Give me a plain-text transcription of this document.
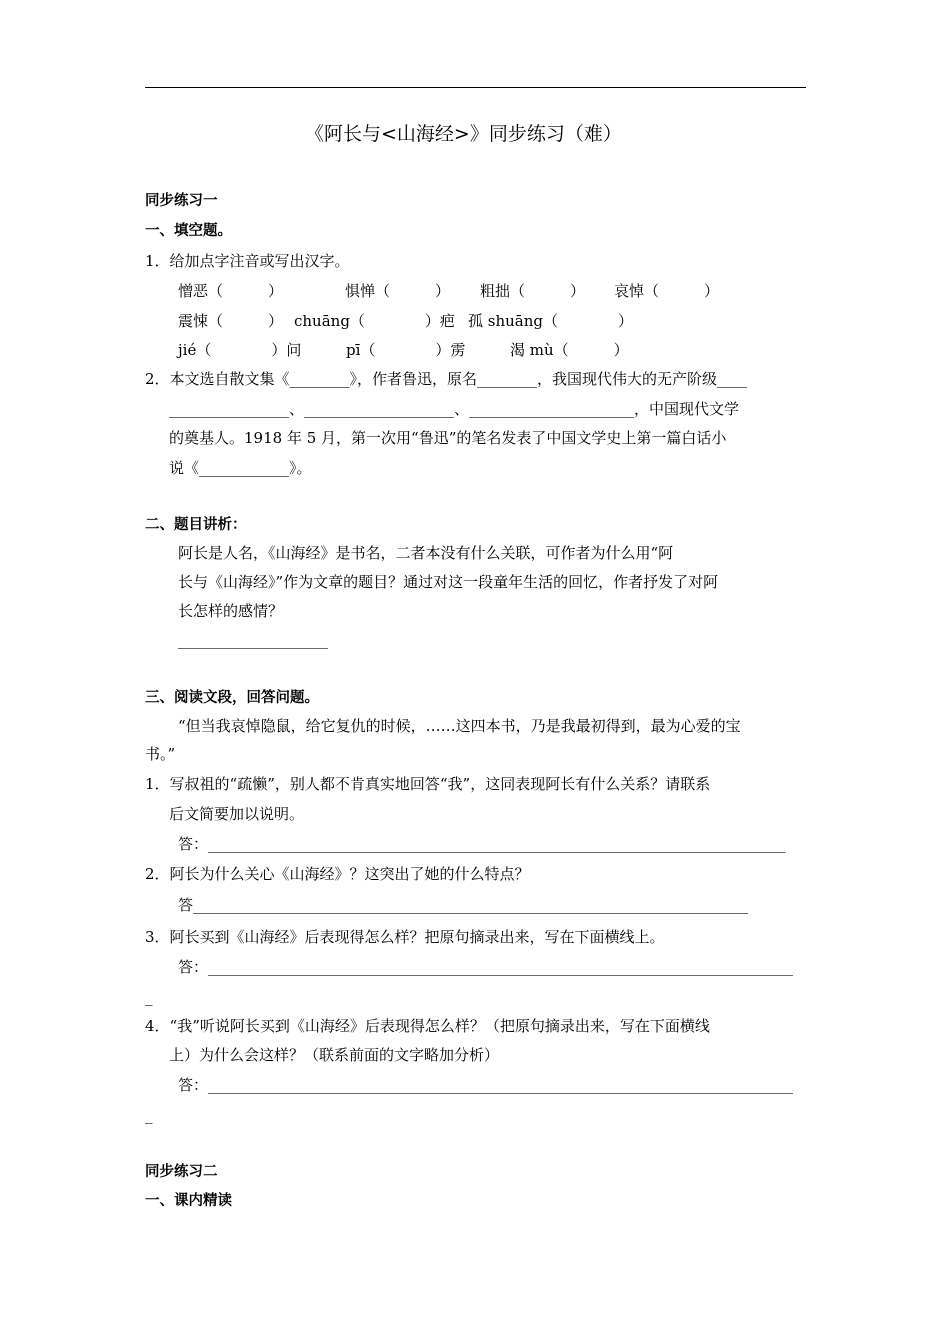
《阿长与<山海经>》同步练习（难）
同步练习一
一、填空题。
1．给加点字注音或写出汉字。
憎恶（　　　）	惧惮（　　　） 粗拙（　　　） 哀悼（　　　）
震悚（　　　） chuāng（　　　　）疤 孤 shuāng（　　　　）
jié（　　　　）问	pī（　　　　）雳	渴 mù（　　　）
2．本文选自散文集《________》，作者鲁迅，原名________，我国现代伟大的无产阶级____
________________、____________________、______________________，中国现代文学
的奠基人。1918 年 5 月，第一次用“鲁迅”的笔名发表了中国文学史上第一篇白话小
说《____________》。
二、题目讲析：
阿长是人名，《山海经》是书名，二者本没有什么关联，可作者为什么用“阿
长与《山海经》”作为文章的题目？通过对这一段童年生活的回忆，作者抒发了对阿
长怎样的感情？
____________________
三、阅读文段，回答问题。
“但当我哀悼隐鼠，给它复仇的时候，……这四本书，乃是我最初得到，最为心爱的宝
书。”
1．写叔祖的“疏懒”，别人都不肯真实地回答“我”，这同表现阿长有什么关系？请联系
后文简要加以说明。
答：_____________________________________________________________________________
2．阿长为什么关心《山海经》？这突出了她的什么特点？
答__________________________________________________________________________
3．阿长买到《山海经》后表现得怎么样？把原句摘录出来，写在下面横线上。
答：______________________________________________________________________________
_
4．“我”听说阿长买到《山海经》后表现得怎么样？（把原句摘录出来，写在下面横线
上）为什么会这样？（联系前面的文字略加分析）
答：______________________________________________________________________________
_
同步练习二
一、课内精读
